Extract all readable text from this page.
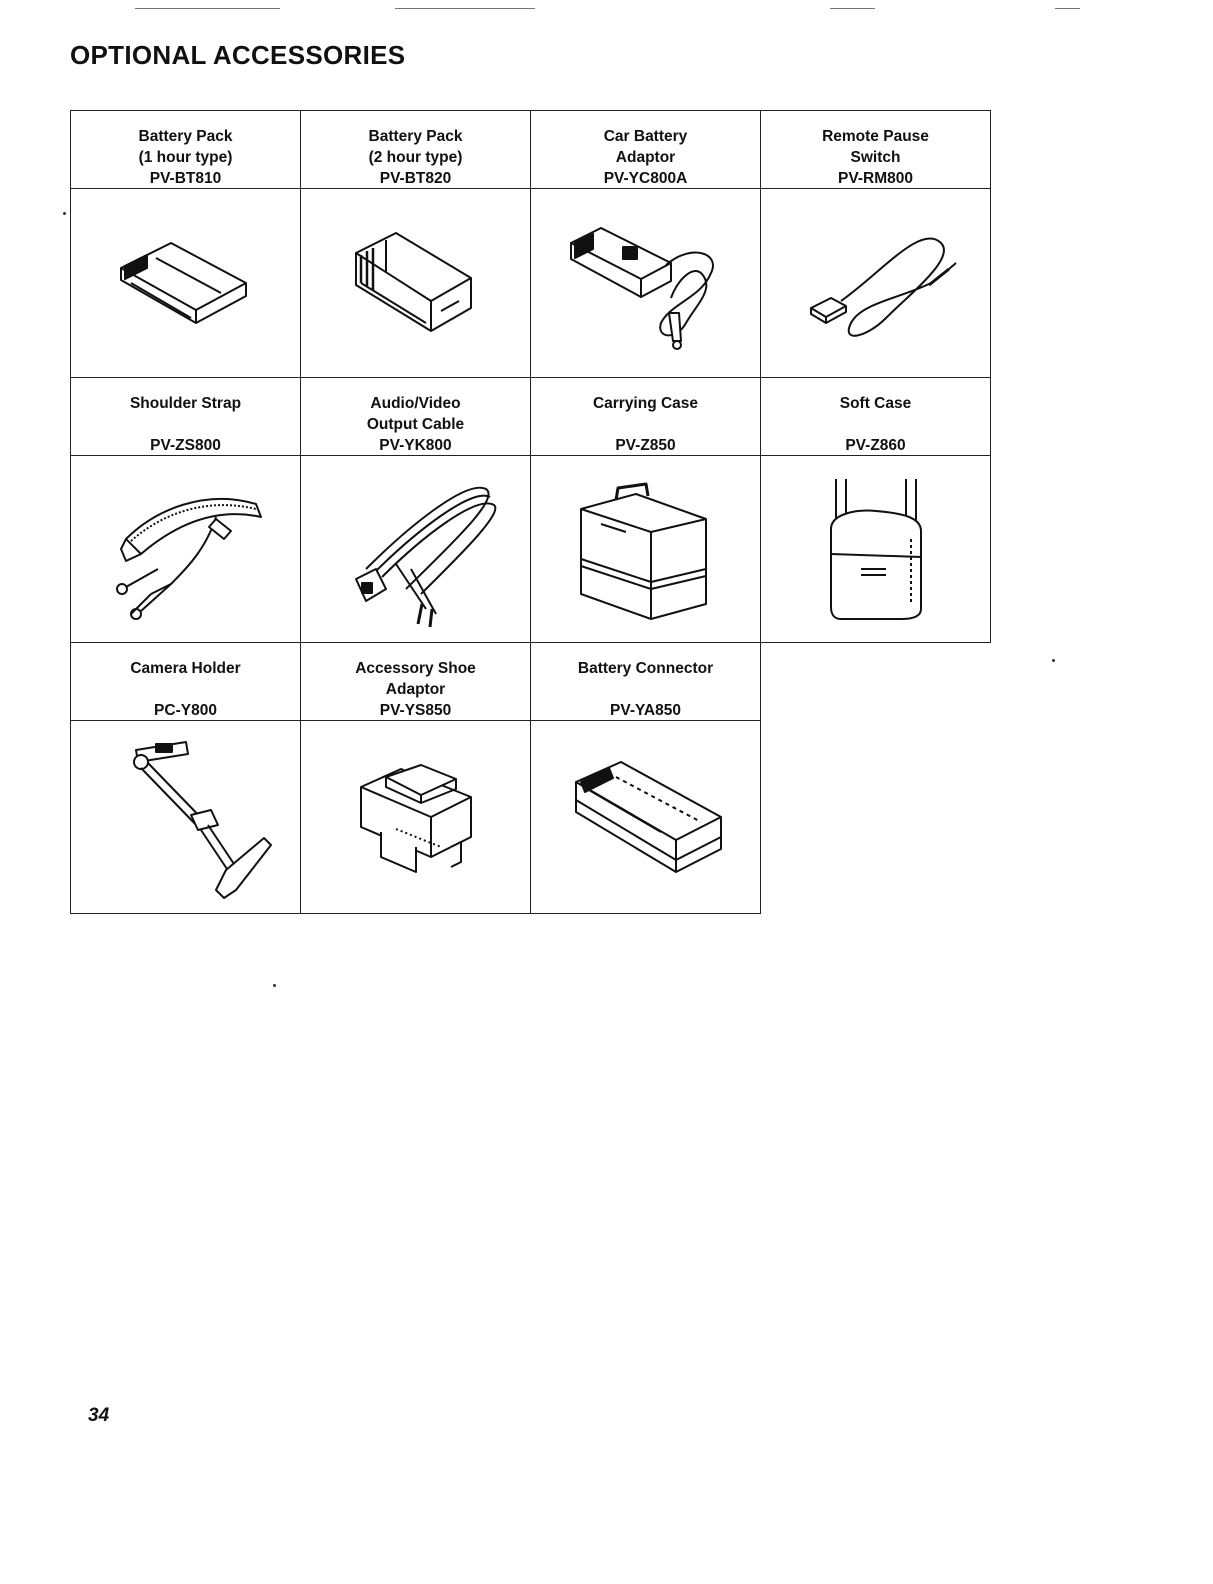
OPTIONAL ACCESSORIES
Battery Pack
(1 hour type)
PV-BT810	Battery Pack
(2 hour type)
PV-BT820	Car Battery
Adaptor
PV-YC800A	Remote Pause
Switch
PV-RM800

Shoulder Strap
PV-ZS800	Audio/Video
Output Cable
PV-YK800	Carrying Case
PV-Z850	Soft Case
PV-Z860

Camera Holder
PC-Y800	Accessory Shoe
Adaptor
PV-YS850	Battery Connector
PV-YA850	

34
